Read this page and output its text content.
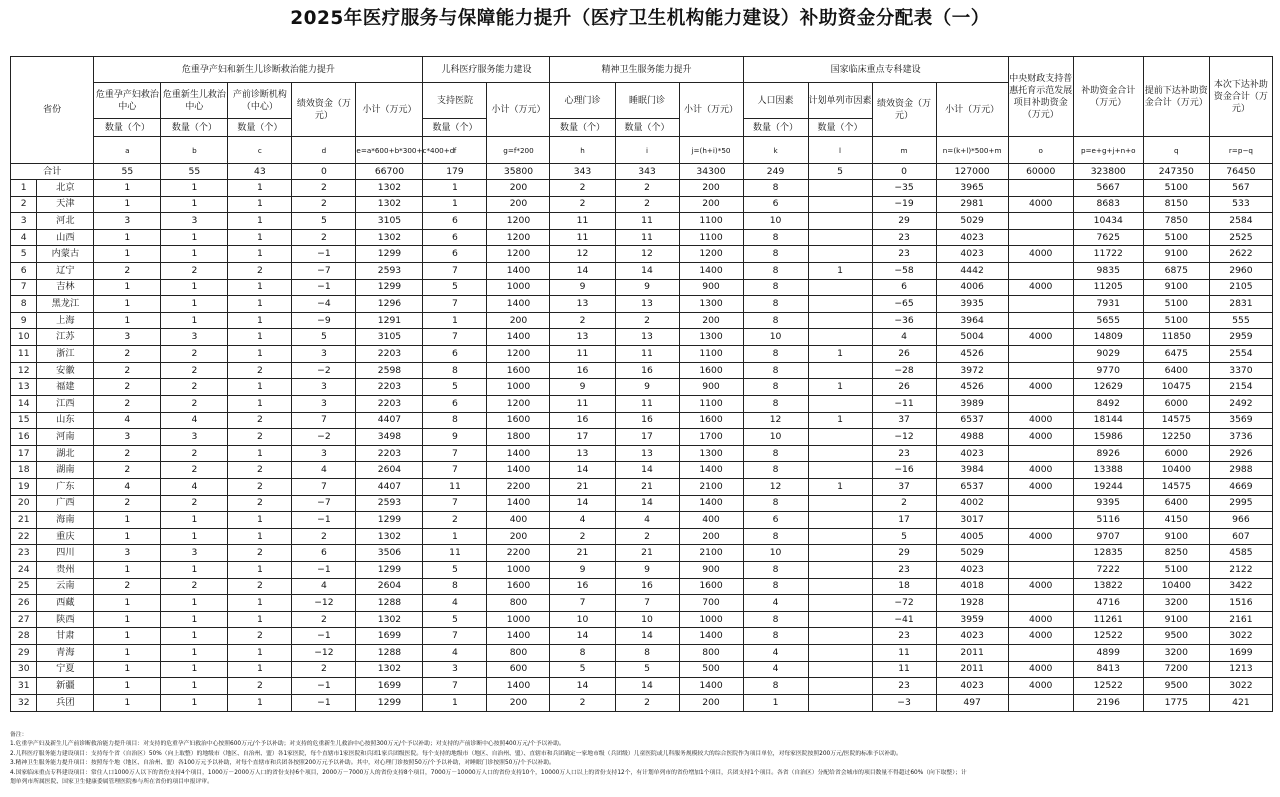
2025年医疗服务与保障能力提升（医疗卫生机构能力建设）补助资金分配表（一）
省份		危重孕产妇和新生儿诊断救治能力提升					儿科医疗服务能力建设		精神卫生服务能力提升			国家临床重点专科建设				中央财政支持普惠托育示范发展项目补助资金（万元）	补助资金合计（万元）	提前下达补助资金合计（万元）	本次下达补助资金合计（万元）
		危重孕产妇救治中心	危重新生儿救治中心	产前诊断机构（中心）	绩效资金（万元）	小计（万元）	支持医院	小计（万元）	心理门诊	睡眠门诊	小计（万元）	人口因素	计划单列市因素	绩效资金（万元）	小计（万元）				
		数量（个）	数量（个）	数量（个）			数量（个）		数量（个）	数量（个）		数量（个）	数量（个）						
		a	b	c	d	e=a*600+b*300+c*400+d	f	g=f*200	h	i	j=(h+i)*50	k	l	m	n=(k+l)*500+m	o	p=e+g+j+n+o	q	r=p−q
合计		55	55	43	0	66700	179	35800	343	343	34300	249	5	0	127000	60000	323800	247350	76450
1	北京	1	1	1	2	1302	1	200	2	2	200	8		−35	3965		5667	5100	567
2	天津	1	1	1	2	1302	1	200	2	2	200	6		−19	2981	4000	8683	8150	533
3	河北	3	3	1	5	3105	6	1200	11	11	1100	10		29	5029		10434	7850	2584
4	山西	1	1	1	2	1302	6	1200	11	11	1100	8		23	4023		7625	5100	2525
5	内蒙古	1	1	1	−1	1299	6	1200	12	12	1200	8		23	4023	4000	11722	9100	2622
6	辽宁	2	2	2	−7	2593	7	1400	14	14	1400	8	1	−58	4442		9835	6875	2960
7	吉林	1	1	1	−1	1299	5	1000	9	9	900	8		6	4006	4000	11205	9100	2105
8	黑龙江	1	1	1	−4	1296	7	1400	13	13	1300	8		−65	3935		7931	5100	2831
9	上海	1	1	1	−9	1291	1	200	2	2	200	8		−36	3964		5655	5100	555
10	江苏	3	3	1	5	3105	7	1400	13	13	1300	10		4	5004	4000	14809	11850	2959
11	浙江	2	2	1	3	2203	6	1200	11	11	1100	8	1	26	4526		9029	6475	2554
12	安徽	2	2	2	−2	2598	8	1600	16	16	1600	8		−28	3972		9770	6400	3370
13	福建	2	2	1	3	2203	5	1000	9	9	900	8	1	26	4526	4000	12629	10475	2154
14	江西	2	2	1	3	2203	6	1200	11	11	1100	8		−11	3989		8492	6000	2492
15	山东	4	4	2	7	4407	8	1600	16	16	1600	12	1	37	6537	4000	18144	14575	3569
16	河南	3	3	2	−2	3498	9	1800	17	17	1700	10		−12	4988	4000	15986	12250	3736
17	湖北	2	2	1	3	2203	7	1400	13	13	1300	8		23	4023		8926	6000	2926
18	湖南	2	2	2	4	2604	7	1400	14	14	1400	8		−16	3984	4000	13388	10400	2988
19	广东	4	4	2	7	4407	11	2200	21	21	2100	12	1	37	6537	4000	19244	14575	4669
20	广西	2	2	2	−7	2593	7	1400	14	14	1400	8		2	4002		9395	6400	2995
21	海南	1	1	1	−1	1299	2	400	4	4	400	6		17	3017		5116	4150	966
22	重庆	1	1	1	2	1302	1	200	2	2	200	8		5	4005	4000	9707	9100	607
23	四川	3	3	2	6	3506	11	2200	21	21	2100	10		29	5029		12835	8250	4585
24	贵州	1	1	1	−1	1299	5	1000	9	9	900	8		23	4023		7222	5100	2122
25	云南	2	2	2	4	2604	8	1600	16	16	1600	8		18	4018	4000	13822	10400	3422
26	西藏	1	1	1	−12	1288	4	800	7	7	700	4		−72	1928		4716	3200	1516
27	陕西	1	1	1	2	1302	5	1000	10	10	1000	8		−41	3959	4000	11261	9100	2161
28	甘肃	1	1	2	−1	1699	7	1400	14	14	1400	8		23	4023	4000	12522	9500	3022
29	青海	1	1	1	−12	1288	4	800	8	8	800	4		11	2011		4899	3200	1699
30	宁夏	1	1	1	2	1302	3	600	5	5	500	4		11	2011	4000	8413	7200	1213
31	新疆	1	1	2	−1	1699	7	1400	14	14	1400	8		23	4023	4000	12522	9500	3022
32	兵团	1	1	1	−1	1299	1	200	2	2	200	1		−3	497		2196	1775	421
备注：
1.危重孕产妇及新生儿产前诊断救治能力提升项目：对支持的危重孕产妇救治中心按照600万元/个予以补助；对支持的危重新生儿救治中心按照300万元/个予以补助；对支持的产前诊断中心按照400万元/个予以补助。
2.儿科医疗服务能力建设项目：支持每个省（自治区）50%（向上取整）的地级市（地区、自治州、盟）各1家医院，每个直辖市1家医院和兵团1家兵团级医院。每个支持的地级市（地区、自治州、盟）、直辖市和兵团确定一家地市级（兵团级）儿童医院或儿科服务规模较大的综合医院作为项目单位，对每家医院按照200万元/医院的标准予以补助。
3.精神卫生服务能力提升项目：按照每个地（地区、自治州、盟）各100万元予以补助，对每个直辖市和兵团各按照200万元予以补助。其中，对心理门诊按照50万/个予以补助，对睡眠门诊按照50万/个予以补助。
4.国家临床重点专科建设项目：常住人口1000万人以下的省份支持4个项目，1000万－2000万人口的省份支持6个项目，2000万－7000万人的省份支持8个项目，7000万－10000万人口的省份支持10个，10000万人口以上的省份支持12个，有计划单列市的省份增加1个项目，兵团支持1个项目。各省（自治区）分配给省会城市的项目数量不得超过60%（向下取整）；计
划单列市所属医院、国家卫生健康委属管理医院参与所在省份的项目申报评审。
